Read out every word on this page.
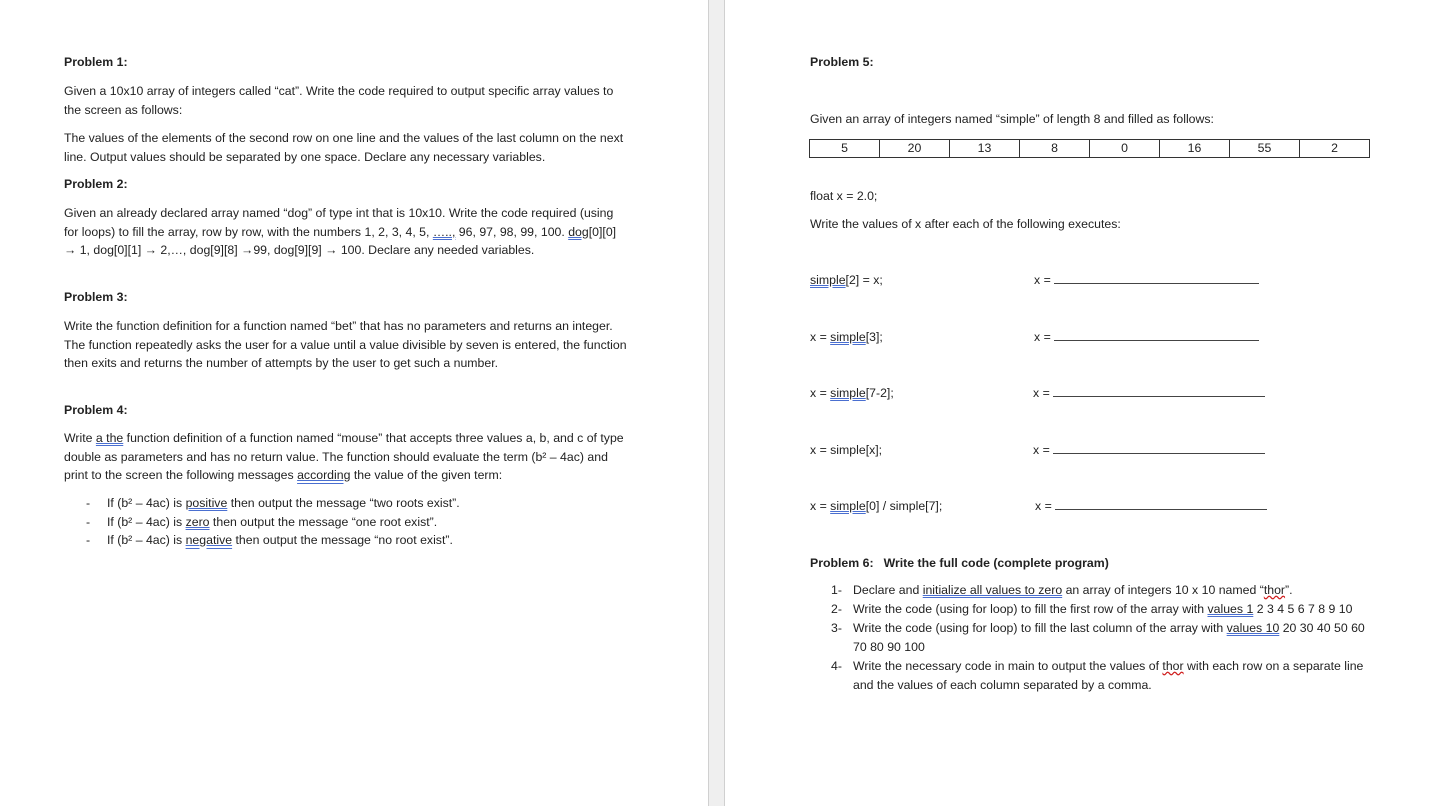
Problem 1:
Given a 10x10 array of integers called “cat”. Write the code required to output specific array values to the screen as follows:
The values of the elements of the second row on one line and the values of the last column on the next line. Output values should be separated by one space. Declare any necessary variables.
Problem 2:
Given an already declared array named “dog” of type int that is 10x10. Write the code required (using for loops) to fill the array, row by row, with the numbers 1, 2, 3, 4, 5, ….., 96, 97, 98, 99, 100. dog[0][0] → 1, dog[0][1] → 2,…, dog[9][8] →99, dog[9][9] → 100. Declare any needed variables.
Problem 3:
Write the function definition for a function named “bet” that has no parameters and returns an integer. The function repeatedly asks the user for a value until a value divisible by seven is entered, the function then exits and returns the number of attempts by the user to get such a number.
Problem 4:
Write a the function definition of a function named “mouse” that accepts three values a, b, and c of type double as parameters and has no return value. The function should evaluate the term (b² – 4ac) and print to the screen the following messages according the value of the given term:
- If (b² – 4ac) is positive then output the message “two roots exist”.
- If (b² – 4ac) is zero then output the message “one root exist”.
- If (b² – 4ac) is negative then output the message “no root exist”.
Problem 5:
Given an array of integers named “simple” of length 8 and filled as follows:
5	20	13	8	0	16	55	2
float x = 2.0;
Write the values of x after each of the following executes:
simple[2] = x;	x =
x = simple[3];	x =
x = simple[7-2];	x =
x = simple[x];	x =
x = simple[0] / simple[7];	x =
Problem 6: Write the full code (complete program)
1- Declare and initialize all values to zero an array of integers 10 x 10 named “thor”.
2- Write the code (using for loop) to fill the first row of the array with values 1 2 3 4 5 6 7 8 9 10
3- Write the code (using for loop) to fill the last column of the array with values 10 20 30 40 50 60 70 80 90 100
4- Write the necessary code in main to output the values of thor with each row on a separate line and the values of each column separated by a comma.
